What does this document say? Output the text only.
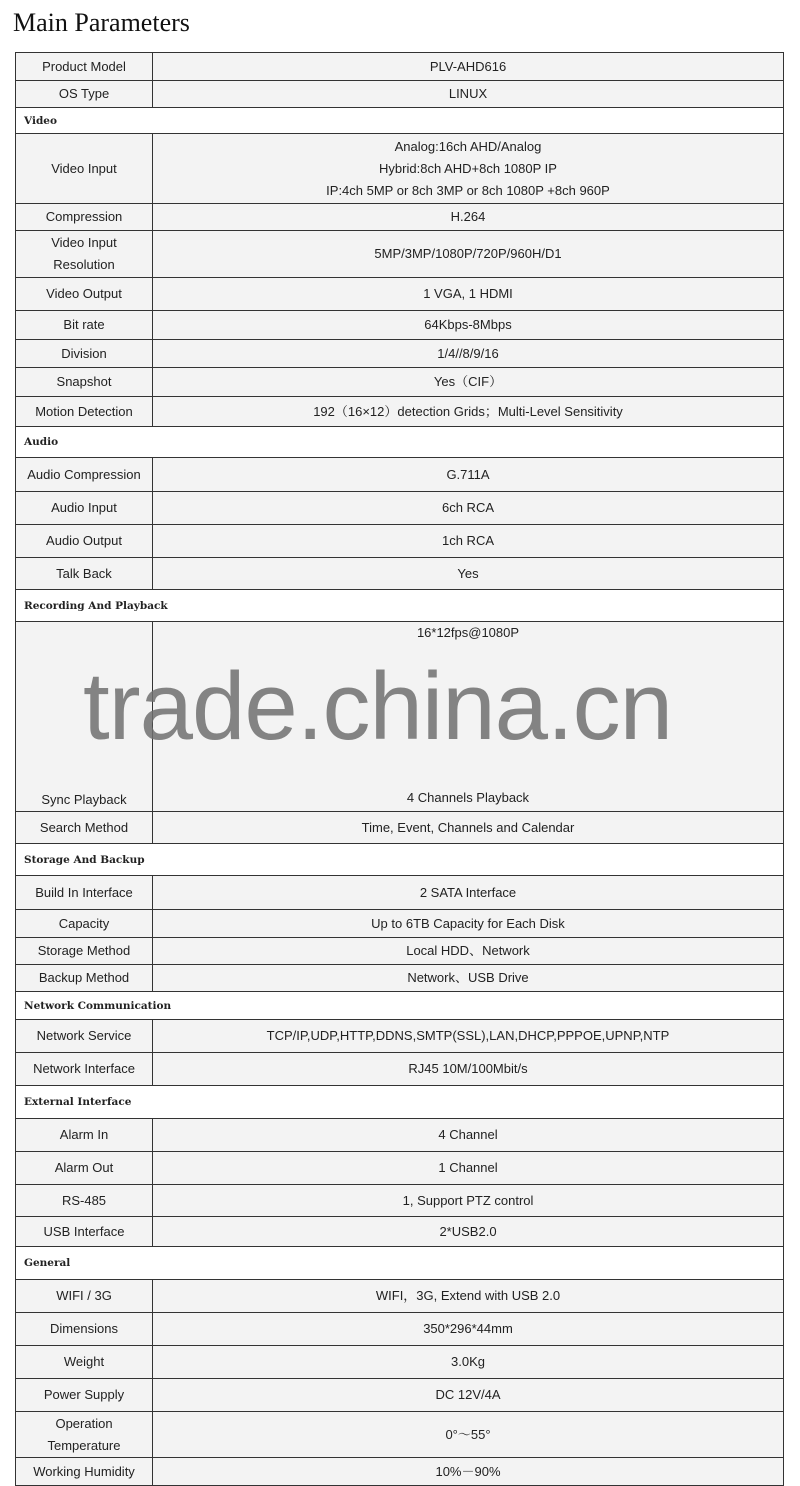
Main Parameters
Product Model	PLV-AHD616

OS Type	LINUX

Video	
Video Input	Analog:16ch AHD/Analog
Hybrid:8ch AHD+8ch 1080P IP
IP:4ch 5MP or 8ch 3MP or 8ch 1080P +8ch 960P

Compression	H.264

Video Input Resolution	5MP/3MP/1080P/720P/960H/D1

Video Output	1 VGA, 1 HDMI

Bit rate	64Kbps-8Mbps

Division	1/4//8/9/16

Snapshot	Yes（CIF）

Motion Detection	192（16×12）detection Grids；Multi-Level Sensitivity

Audio	
Audio Compression	G.711A

Audio Input	6ch RCA

Audio Output	1ch RCA

Talk Back	Yes

Recording And Playback	
Sync Playback	16*12fps@1080P
4 Channels Playback
trade.china.cn

Search Method	Time, Event, Channels and Calendar

Storage And Backup	
Build In Interface	2 SATA Interface

Capacity	Up to 6TB Capacity for Each Disk

Storage Method	Local HDD、Network

Backup Method	Network、USB Drive

Network Communication	
Network Service	TCP/IP,UDP,HTTP,DDNS,SMTP(SSL),LAN,DHCP,PPPOE,UPNP,NTP

Network Interface	RJ45 10M/100Mbit/s

External Interface	
Alarm In	4 Channel

Alarm Out	1 Channel

RS-485	1, Support PTZ control

USB Interface	2*USB2.0

General	
WIFI / 3G	WIFI，3G, Extend with USB 2.0

Dimensions	350*296*44mm

Weight	3.0Kg

Power Supply	DC 12V/4A

Operation Temperature	0°～55°

Working Humidity	10%－90%
